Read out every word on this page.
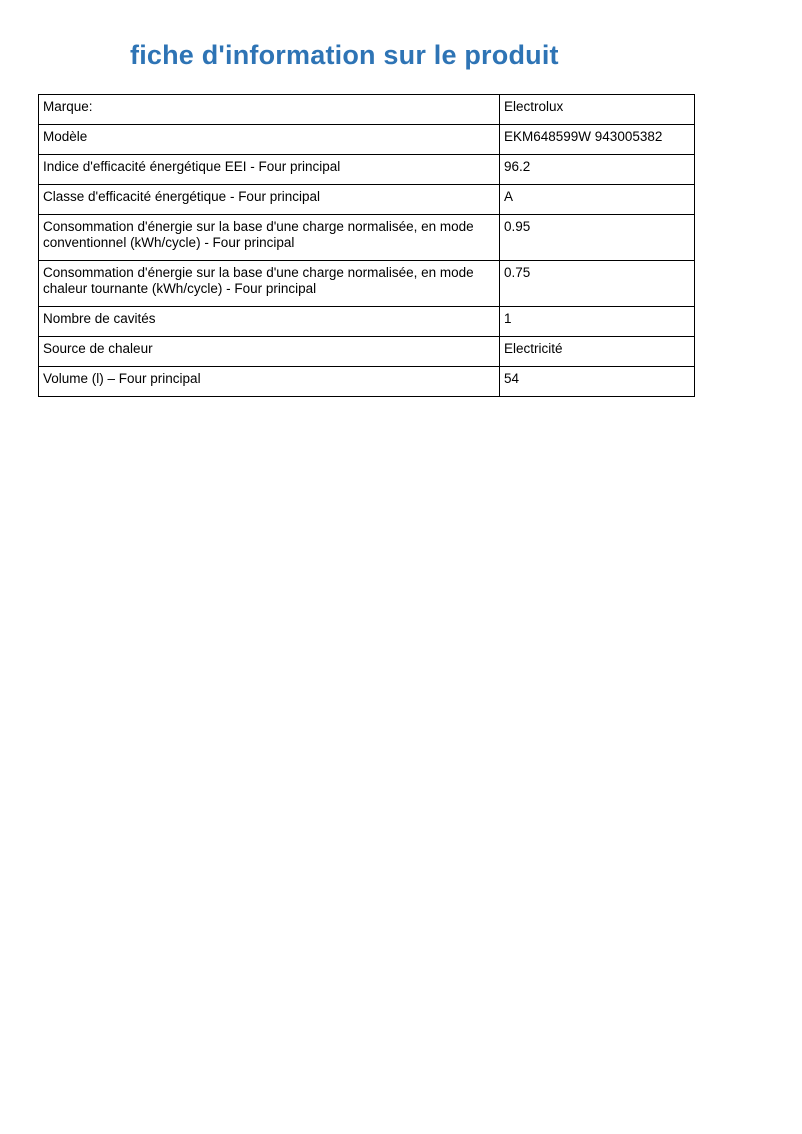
fiche d'information sur le produit
Marque:	Electrolux
Modèle	EKM648599W 943005382
Indice d'efficacité énergétique EEI - Four principal	96.2
Classe d'efficacité énergétique - Four principal	A
Consommation d'énergie sur la base d'une charge normalisée, en mode conventionnel (kWh/cycle) - Four principal	0.95
Consommation d'énergie sur la base d'une charge normalisée, en mode chaleur tournante (kWh/cycle) - Four principal	0.75
Nombre de cavités	1
Source de chaleur	Electricité
Volume (l) – Four principal	54
